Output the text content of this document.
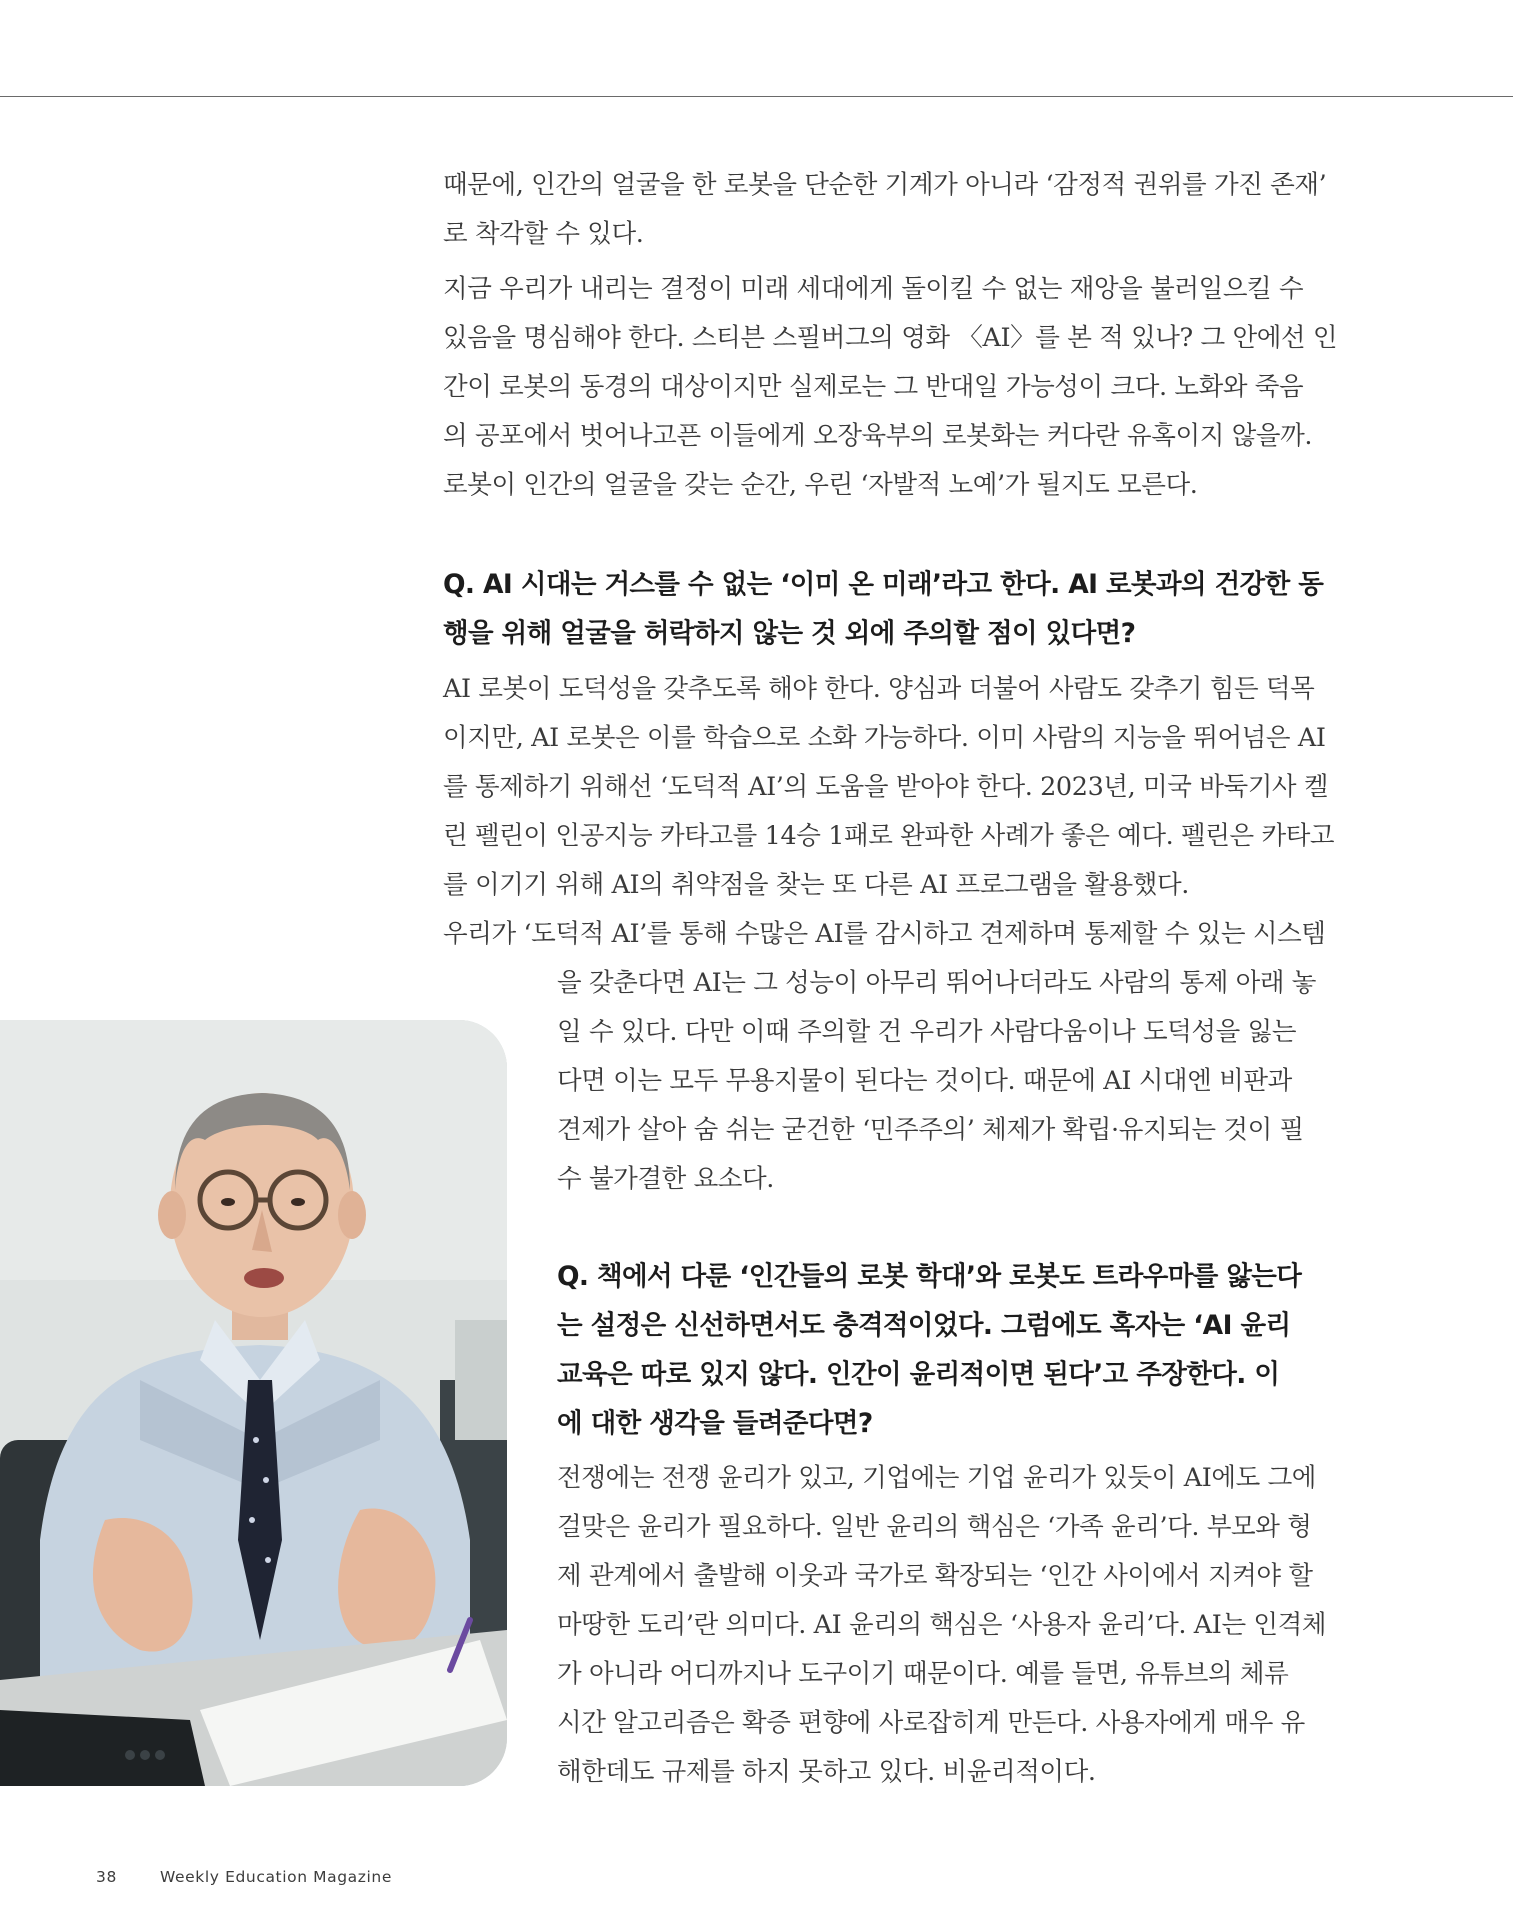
때문에, 인간의 얼굴을 한 로봇을 단순한 기계가 아니라 ‘감정적 권위를 가진 존재’
로 착각할 수 있다.
지금 우리가 내리는 결정이 미래 세대에게 돌이킬 수 없는 재앙을 불러일으킬 수
있음을 명심해야 한다. 스티븐 스필버그의 영화 〈AI〉를 본 적 있나? 그 안에선 인
간이 로봇의 동경의 대상이지만 실제로는 그 반대일 가능성이 크다. 노화와 죽음
의 공포에서 벗어나고픈 이들에게 오장육부의 로봇화는 커다란 유혹이지 않을까.
로봇이 인간의 얼굴을 갖는 순간, 우린 ‘자발적 노예’가 될지도 모른다.
Q. AI 시대는 거스를 수 없는 ‘이미 온 미래’라고 한다. AI 로봇과의 건강한 동
행을 위해 얼굴을 허락하지 않는 것 외에 주의할 점이 있다면?
AI 로봇이 도덕성을 갖추도록 해야 한다. 양심과 더불어 사람도 갖추기 힘든 덕목
이지만, AI 로봇은 이를 학습으로 소화 가능하다. 이미 사람의 지능을 뛰어넘은 AI
를 통제하기 위해선 ‘도덕적 AI’의 도움을 받아야 한다. 2023년, 미국 바둑기사 켈
린 펠린이 인공지능 카타고를 14승 1패로 완파한 사례가 좋은 예다. 펠린은 카타고
를 이기기 위해 AI의 취약점을 찾는 또 다른 AI 프로그램을 활용했다.
우리가 ‘도덕적 AI’를 통해 수많은 AI를 감시하고 견제하며 통제할 수 있는 시스템
을 갖춘다면 AI는 그 성능이 아무리 뛰어나더라도 사람의 통제 아래 놓
일 수 있다. 다만 이때 주의할 건 우리가 사람다움이나 도덕성을 잃는
다면 이는 모두 무용지물이 된다는 것이다. 때문에 AI 시대엔 비판과
견제가 살아 숨 쉬는 굳건한 ‘민주주의’ 체제가 확립·유지되는 것이 필
수 불가결한 요소다.
Q. 책에서 다룬 ‘인간들의 로봇 학대’와 로봇도 트라우마를 앓는다
는 설정은 신선하면서도 충격적이었다. 그럼에도 혹자는 ‘AI 윤리
교육은 따로 있지 않다. 인간이 윤리적이면 된다’고 주장한다. 이
에 대한 생각을 들려준다면?
전쟁에는 전쟁 윤리가 있고, 기업에는 기업 윤리가 있듯이 AI에도 그에
걸맞은 윤리가 필요하다. 일반 윤리의 핵심은 ‘가족 윤리’다. 부모와 형
제 관계에서 출발해 이웃과 국가로 확장되는 ‘인간 사이에서 지켜야 할
마땅한 도리’란 의미다. AI 윤리의 핵심은 ‘사용자 윤리’다. AI는 인격체
가 아니라 어디까지나 도구이기 때문이다. 예를 들면, 유튜브의 체류
시간 알고리즘은 확증 편향에 사로잡히게 만든다. 사용자에게 매우 유
해한데도 규제를 하지 못하고 있다. 비윤리적이다.
38	Weekly Education Magazine
